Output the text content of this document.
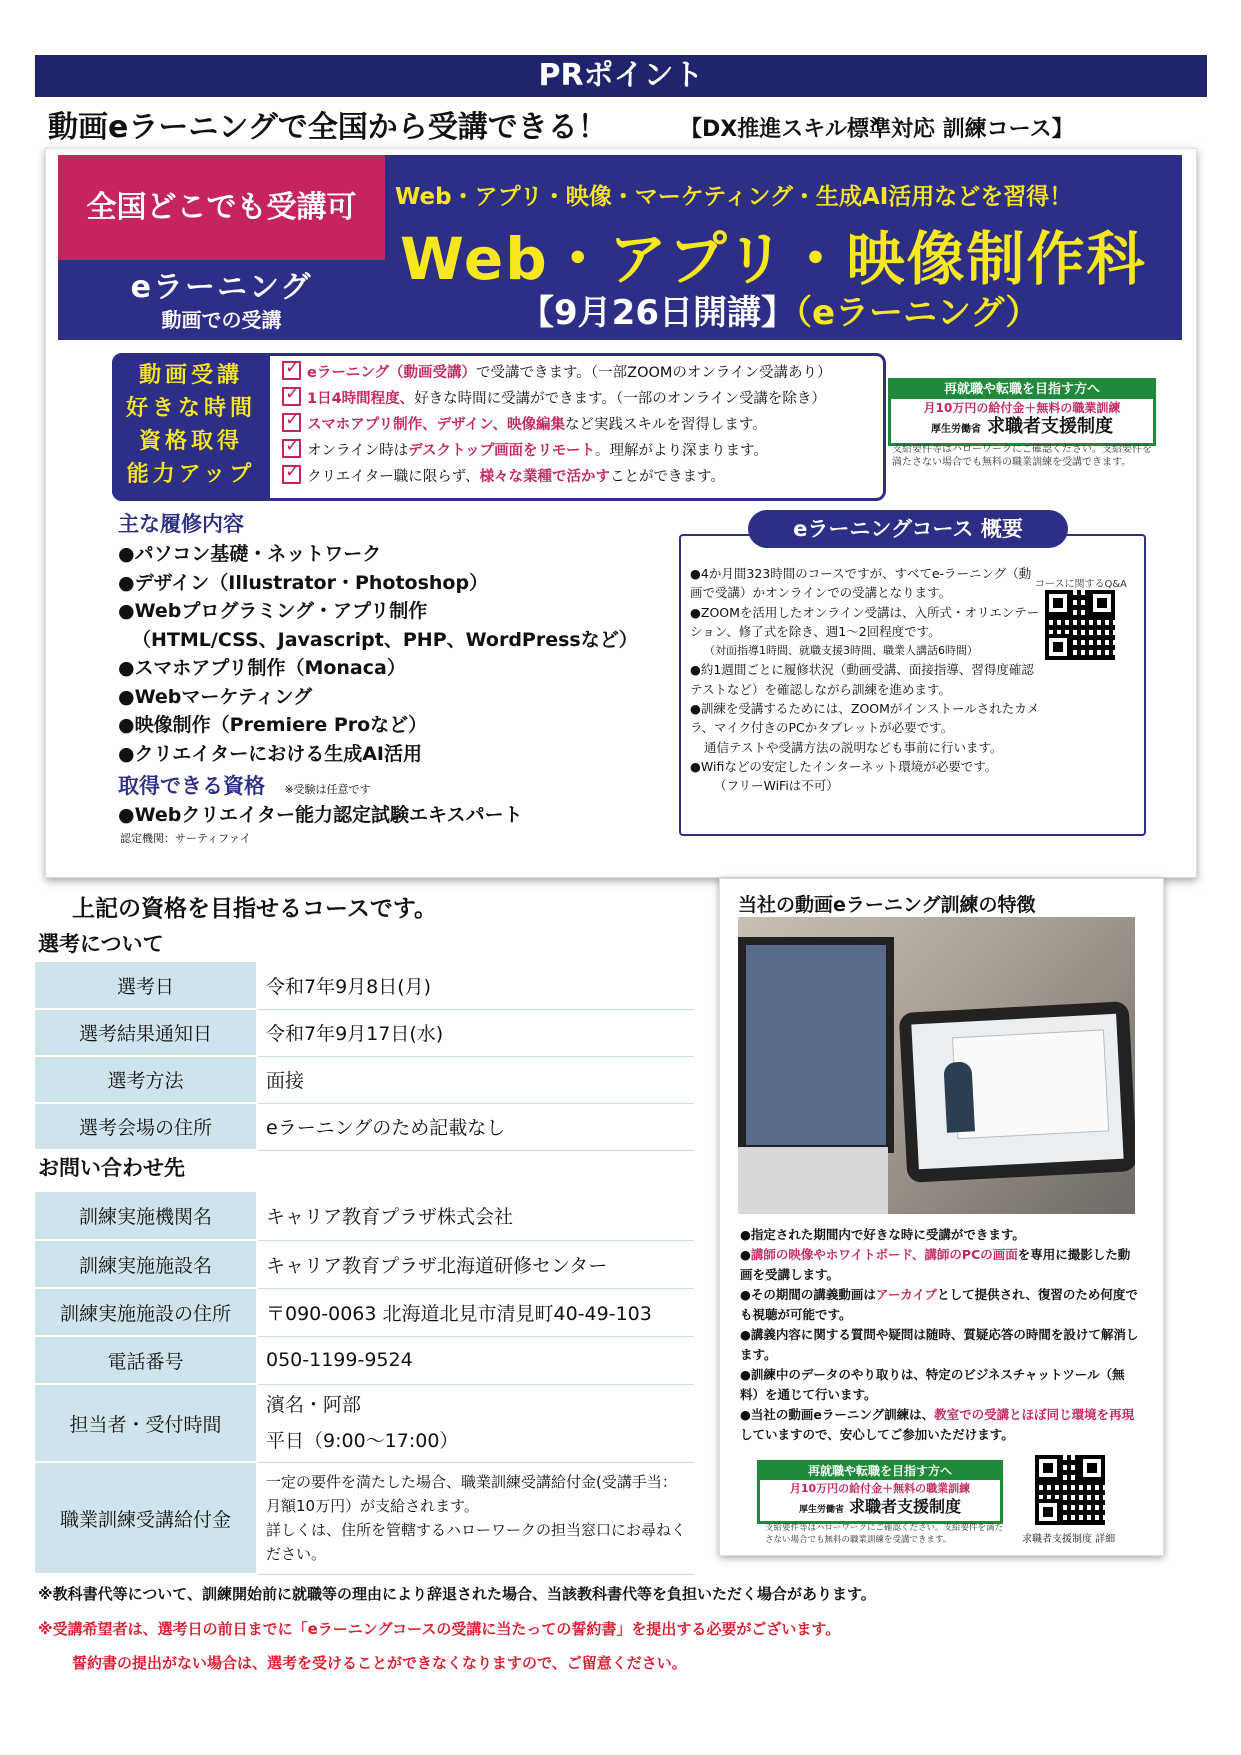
PRポイント
動画eラーニングで全国から受講できる！	【DX推進スキル標準対応 訓練コース】
全国どこでも受講可
eラーニング
動画での受講
Web・アプリ・映像・マーケティング・生成AI活用などを習得！
Web・アプリ・映像制作科
【9月26日開講】（eラーニング）
動画受講
好きな時間
資格取得
能力アップ
✓eラーニング（動画受講）で受講できます。（一部ZOOMのオンライン受講あり）
✓1日4時間程度、好きな時間に受講ができます。（一部のオンライン受講を除き）
✓スマホアプリ制作、デザイン、映像編集など実践スキルを習得します。
✓オンライン時はデスクトップ画面をリモート。理解がより深まります。
✓クリエイター職に限らず、様々な業種で活かすことができます。
再就職や転職を目指す方へ
月10万円の給付金＋無料の職業訓練
厚生労働省 求職者支援制度
支給要件等はハローワークにご確認ください。支給要件を満たさない場合でも無料の職業訓練を受講できます。
主な履修内容
●パソコン基礎・ネットワーク
●デザイン（Illustrator・Photoshop）
●Webプログラミング・アプリ制作
（HTML/CSS、Javascript、PHP、WordPressなど）
●スマホアプリ制作（Monaca）
●Webマーケティング
●映像制作（Premiere Proなど）
●クリエイターにおける生成AI活用
取得できる資格 ※受験は任意です
●Webクリエイター能力認定試験エキスパート
認定機関：サーティファイ
eラーニングコース 概要

●4か月間323時間のコースですが、すべてe-ラーニング（動画で受講）かオンラインでの受講となります。

●ZOOMを活用したオンライン受講は、入所式・オリエンテーション、修了式を除き、週1～2回程度です。

（対面指導1時間、就職支援3時間、職業人講話6時間）

●約1週間ごとに履修状況（動画受講、面接指導、習得度確認テストなど）を確認しながら訓練を進めます。

●訓練を受講するためには、ZOOMがインストールされたカメラ、マイク付きのPCかタブレットが必要です。

通信テストや受講方法の説明なども事前に行います。

●Wifiなどの安定したインターネット環境が必要です。

（フリーWiFiは不可）

コースに関するQ&A
上記の資格を目指せるコースです。
選考について
選考日	令和7年9月8日(月)
選考結果通知日	令和7年9月17日(水)
選考方法	面接
選考会場の住所	eラーニングのため記載なし
お問い合わせ先
訓練実施機関名	キャリア教育プラザ株式会社
訓練実施施設名	キャリア教育プラザ北海道研修センター
訓練実施施設の住所	〒090-0063 北海道北見市清見町40-49-103
電話番号	050-1199-9524
担当者・受付時間	濱名・阿部
平日（9:00～17:00）

職業訓練受講給付金	一定の要件を満たした場合、職業訓練受講給付金(受講手当：月額10万円）が支給されます。
詳しくは、住所を管轄するハローワークの担当窓口にお尋ねください。
当社の動画eラーニング訓練の特徴
●指定された期間内で好きな時に受講ができます。
●講師の映像やホワイトボード、講師のPCの画面を専用に撮影した動画を受講します。
●その期間の講義動画はアーカイブとして提供され、復習のため何度でも視聴が可能です。
●講義内容に関する質問や疑問は随時、質疑応答の時間を設けて解消します。
●訓練中のデータのやり取りは、特定のビジネスチャットツール（無料）を通じて行います。
●当社の動画eラーニング訓練は、教室での受講とほぼ同じ環境を再現していますので、安心してご参加いただけます。
再就職や転職を目指す方へ
月10万円の給付金＋無料の職業訓練
厚生労働省 求職者支援制度
支給要件等はハローワークにご確認ください。支給要件を満たさない場合でも無料の職業訓練を受講できます。	求職者支援制度 詳細
※教科書代等について、訓練開始前に就職等の理由により辞退された場合、当該教科書代等を負担いただく場合があります。
※受講希望者は、選考日の前日までに「eラーニングコースの受講に当たっての誓約書」を提出する必要がございます。
誓約書の提出がない場合は、選考を受けることができなくなりますので、ご留意ください。
